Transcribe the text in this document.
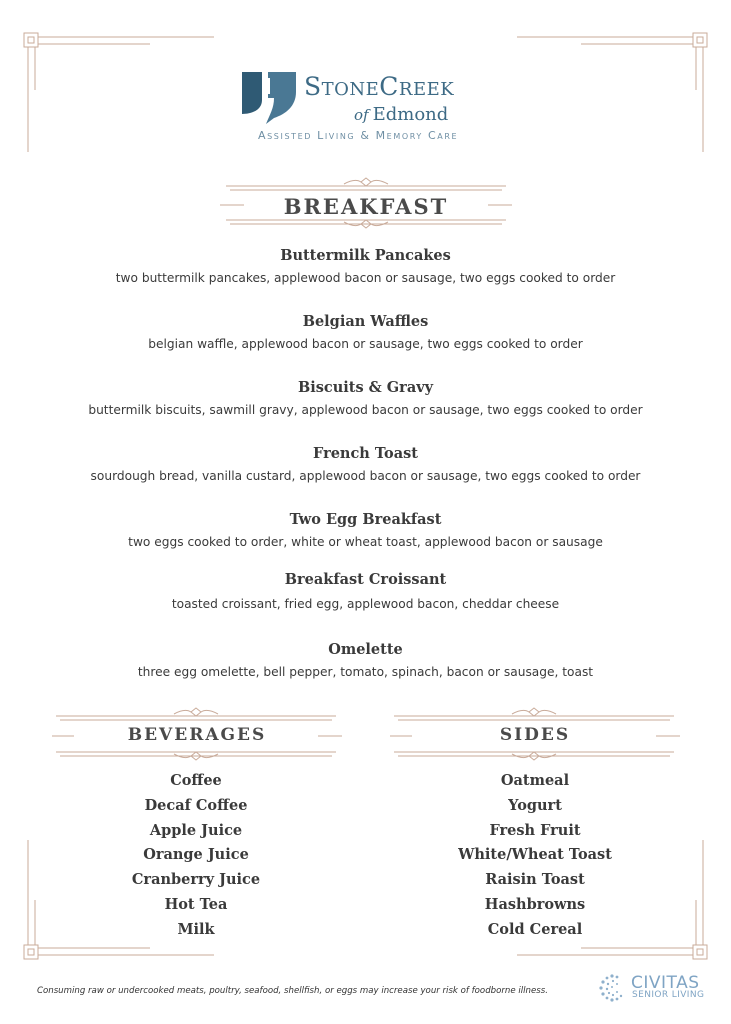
StoneCreek
of Edmond
Assisted Living & Memory Care
BREAKFAST
Buttermilk Pancakes
two buttermilk pancakes, applewood bacon or sausage, two eggs cooked to order
Belgian Waffles
belgian waffle, applewood bacon or sausage, two eggs cooked to order
Biscuits & Gravy
buttermilk biscuits, sawmill gravy, applewood bacon or sausage, two eggs cooked to order
French Toast
sourdough bread, vanilla custard, applewood bacon or sausage, two eggs cooked to order
Two Egg Breakfast
two eggs cooked to order, white or wheat toast, applewood bacon or sausage
Breakfast Croissant
toasted croissant, fried egg, applewood bacon, cheddar cheese
Omelette
three egg omelette, bell pepper, tomato, spinach, bacon or sausage, toast
BEVERAGES	SIDES
Coffee
Decaf Coffee
Apple Juice
Orange Juice
Cranberry Juice
Hot Tea
Milk
Oatmeal
Yogurt
Fresh Fruit
White/Wheat Toast
Raisin Toast
Hashbrowns
Cold Cereal
Consuming raw or undercooked meats, poultry, seafood, shellfish, or eggs may increase your risk of foodborne illness.	CIVITAS
SENIOR LIVING
